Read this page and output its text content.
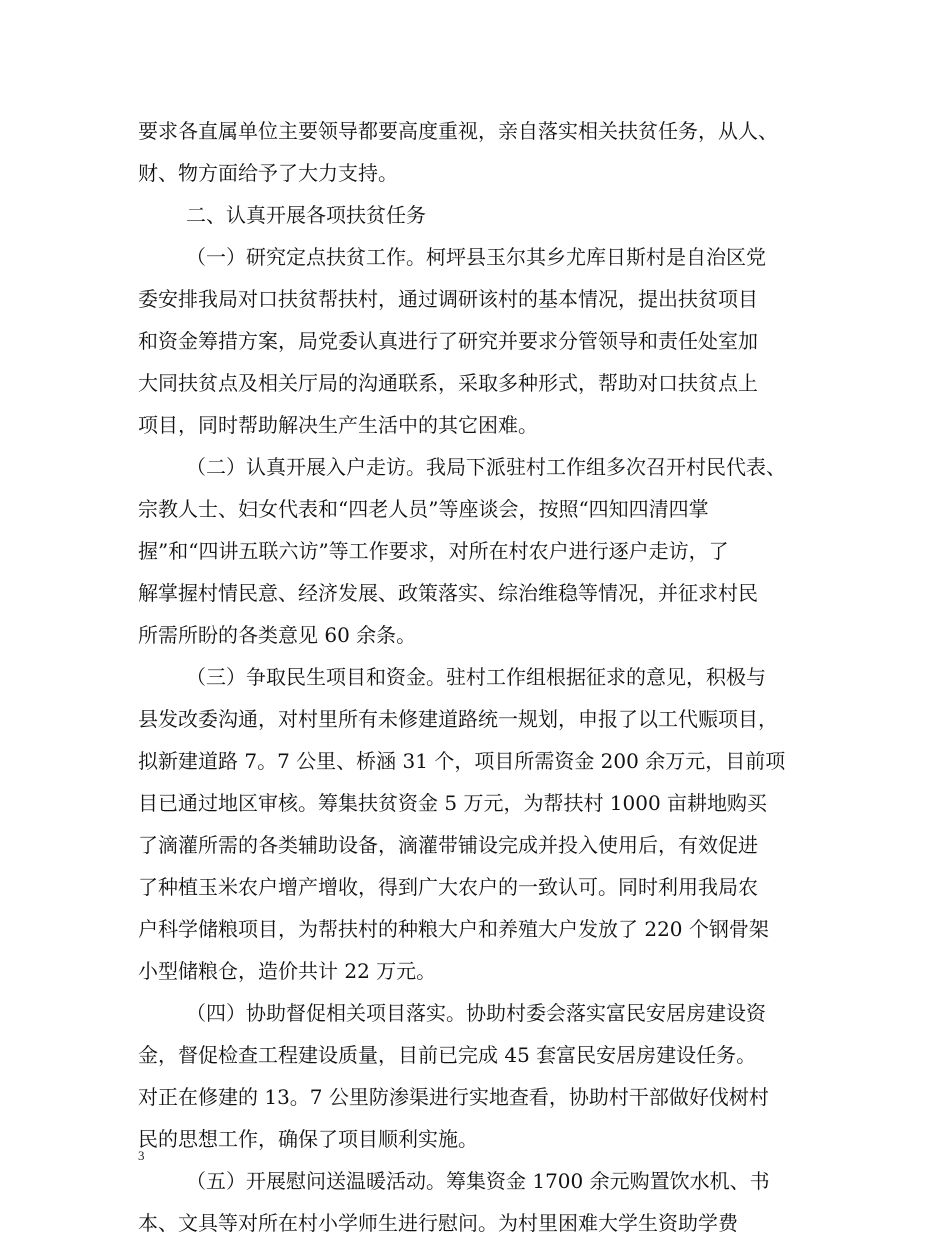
要求各直属单位主要领导都要高度重视，亲自落实相关扶贫任务，从人、
财、物方面给予了大力支持。
二、认真开展各项扶贫任务
（一）研究定点扶贫工作。柯坪县玉尔其乡尤库日斯村是自治区党
委安排我局对口扶贫帮扶村，通过调研该村的基本情况，提出扶贫项目
和资金筹措方案，局党委认真进行了研究并要求分管领导和责任处室加
大同扶贫点及相关厅局的沟通联系，采取多种形式，帮助对口扶贫点上
项目，同时帮助解决生产生活中的其它困难。
（二）认真开展入户走访。我局下派驻村工作组多次召开村民代表、
宗教人士、妇女代表和“四老人员”等座谈会，按照“四知四清四掌
握”和“四讲五联六访”等工作要求，对所在村农户进行逐户走访，了
解掌握村情民意、经济发展、政策落实、综治维稳等情况，并征求村民
所需所盼的各类意见 60 余条。
（三）争取民生项目和资金。驻村工作组根据征求的意见，积极与
县发改委沟通，对村里所有未修建道路统一规划，申报了以工代赈项目，
拟新建道路 7。7 公里、桥涵 31 个，项目所需资金 200 余万元，目前项
目已通过地区审核。筹集扶贫资金 5 万元，为帮扶村 1000 亩耕地购买
了滴灌所需的各类辅助设备，滴灌带铺设完成并投入使用后，有效促进
了种植玉米农户增产增收，得到广大农户的一致认可。同时利用我局农
户科学储粮项目，为帮扶村的种粮大户和养殖大户发放了 220 个钢骨架
小型储粮仓，造价共计 22 万元。
（四）协助督促相关项目落实。协助村委会落实富民安居房建设资
金，督促检查工程建设质量，目前已完成 45 套富民安居房建设任务。
对正在修建的 13。7 公里防渗渠进行实地查看，协助村干部做好伐树村
民的思想工作，确保了项目顺利实施。
（五）开展慰问送温暖活动。筹集资金 1700 余元购置饮水机、书
本、文具等对所在村小学师生进行慰问。为村里困难大学生资助学费
3
